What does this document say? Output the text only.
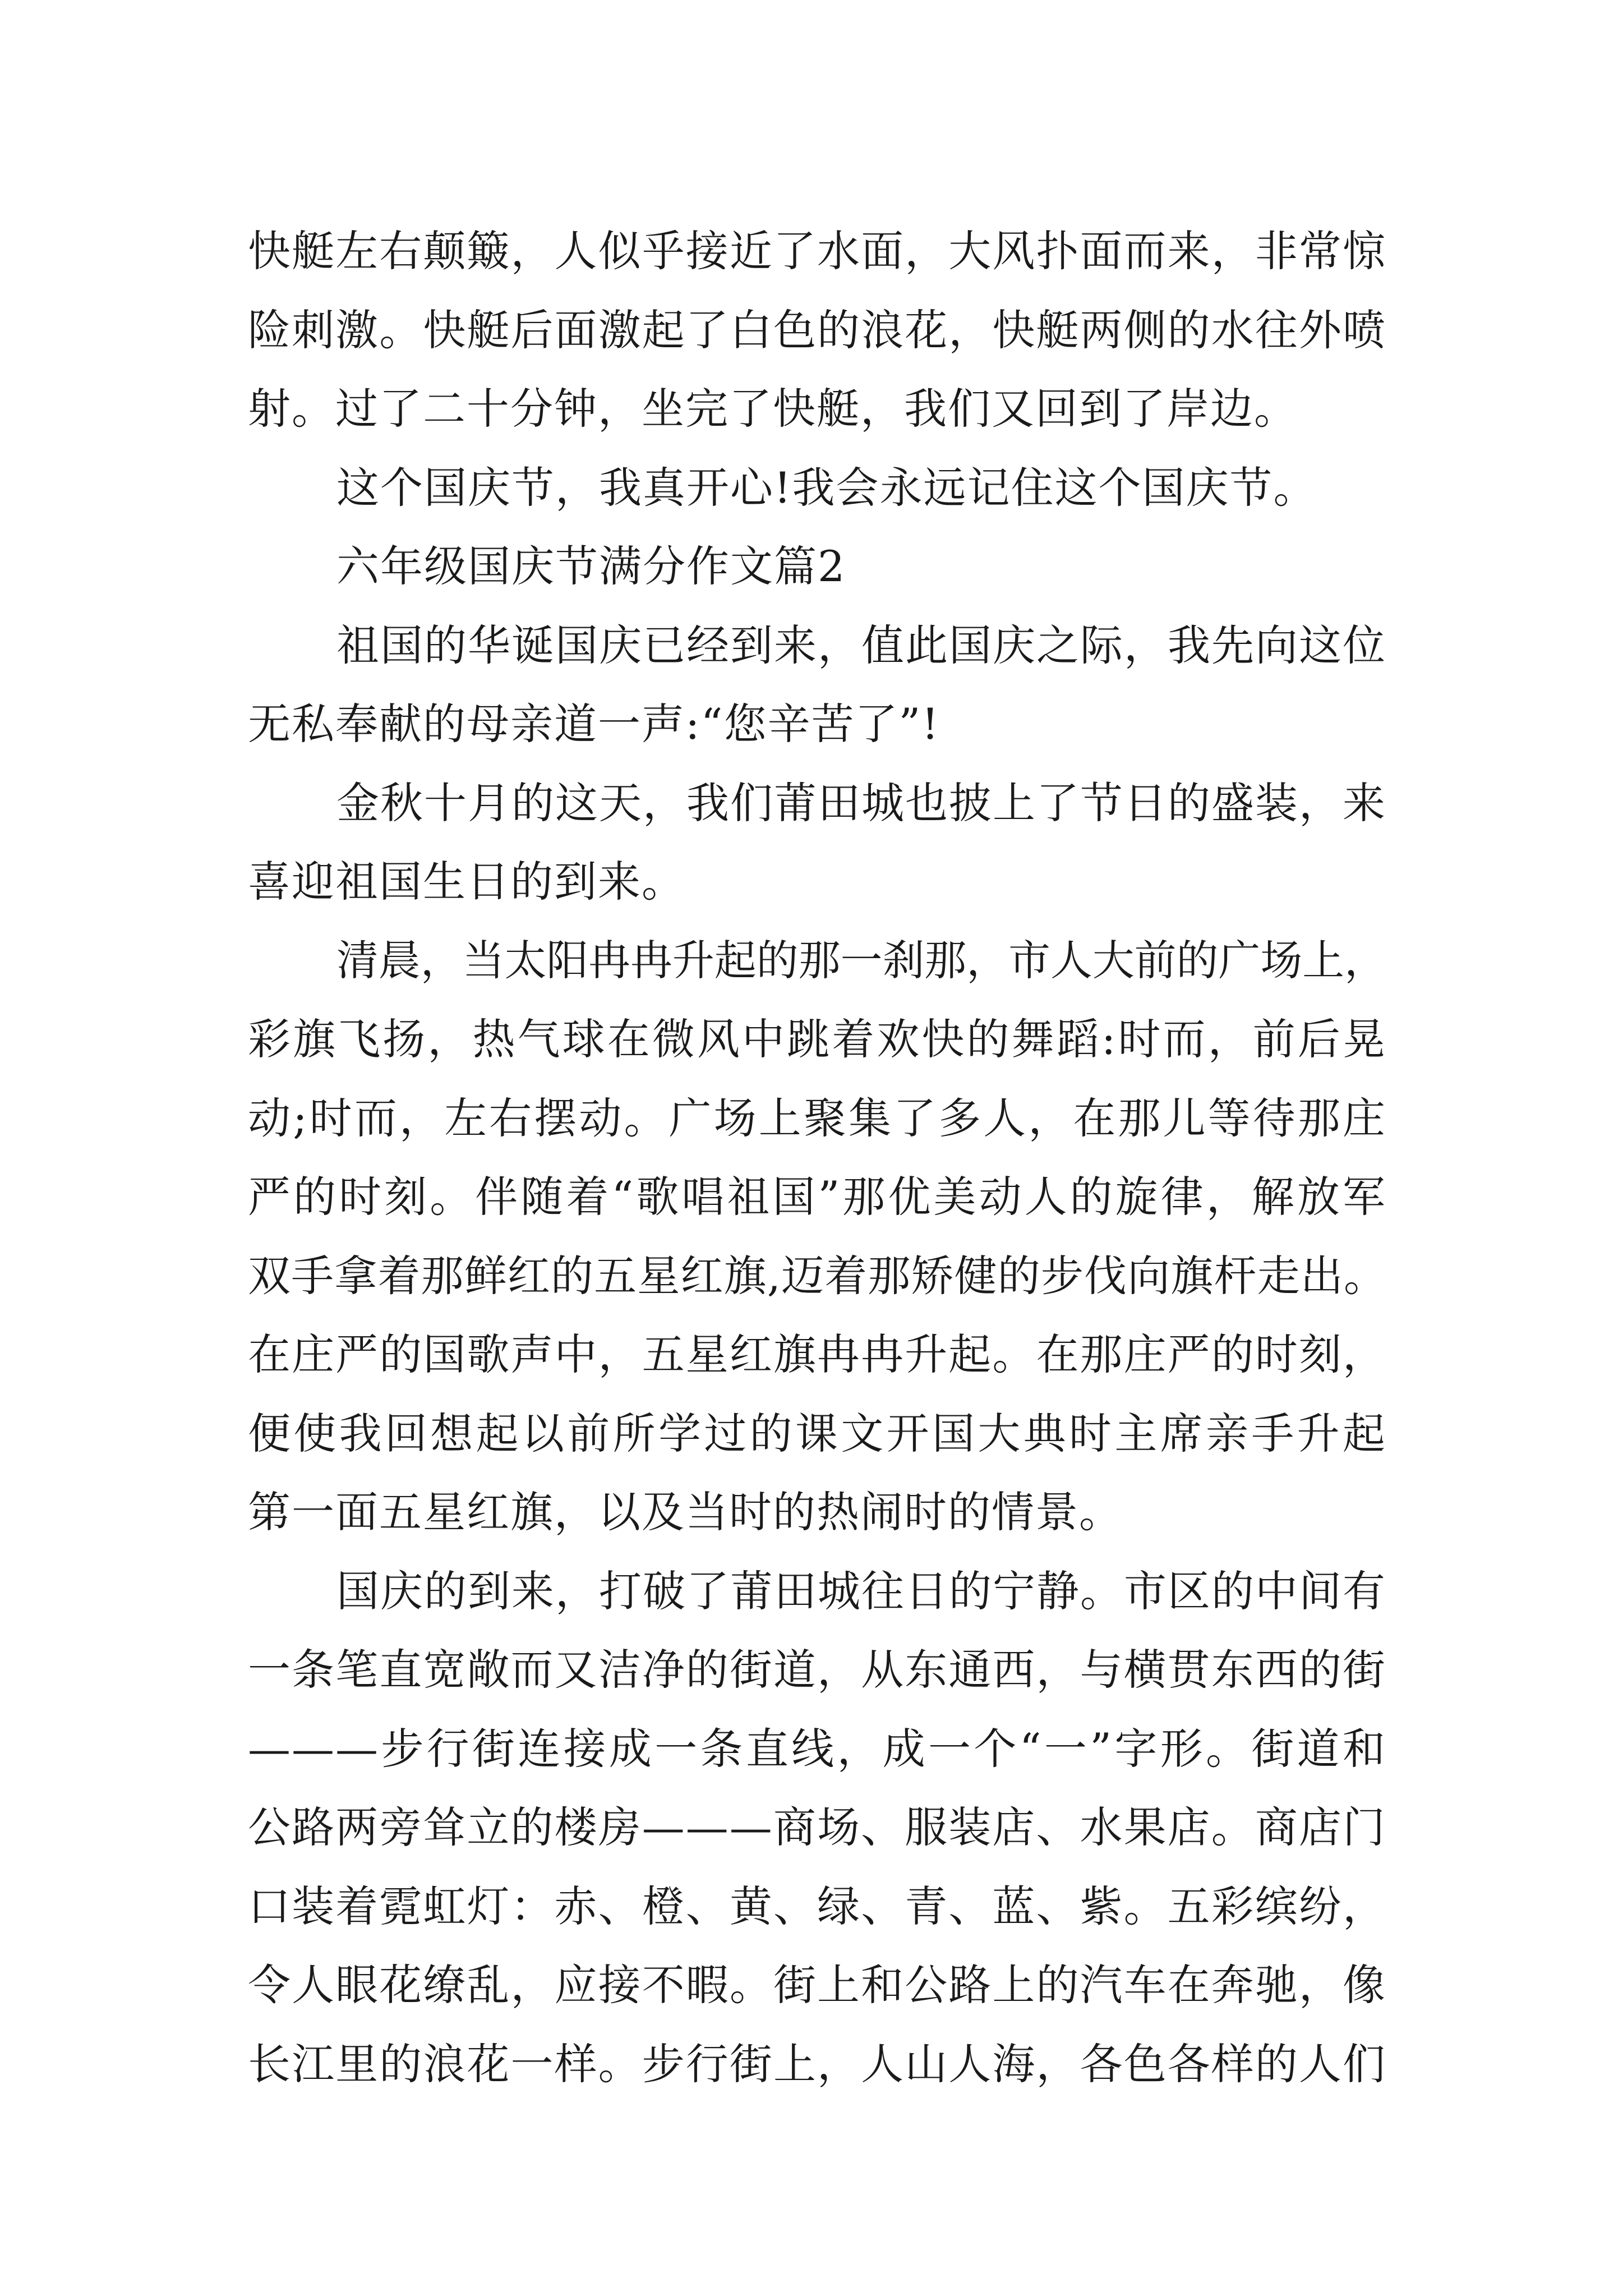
快艇左右颠簸，人似乎接近了水面，大风扑面而来，非常惊
险刺激。快艇后面激起了白色的浪花，快艇两侧的水往外喷
射。过了二十分钟，坐完了快艇，我们又回到了岸边。
这个国庆节，我真开心!我会永远记住这个国庆节。
六年级国庆节满分作文篇2
祖国的华诞国庆已经到来，值此国庆之际，我先向这位
无私奉献的母亲道一声:“您辛苦了”!
金秋十月的这天，我们莆田城也披上了节日的盛装，来
喜迎祖国生日的到来。
清晨，当太阳冉冉升起的那一刹那，市人大前的广场上，
彩旗飞扬，热气球在微风中跳着欢快的舞蹈:时而，前后晃
动;时而，左右摆动。广场上聚集了多人，在那儿等待那庄
严的时刻。伴随着“歌唱祖国”那优美动人的旋律，解放军
双手拿着那鲜红的五星红旗,迈着那矫健的步伐向旗杆走出。
在庄严的国歌声中，五星红旗冉冉升起。在那庄严的时刻，
便使我回想起以前所学过的课文开国大典时主席亲手升起
第一面五星红旗，以及当时的热闹时的情景。
国庆的到来，打破了莆田城往日的宁静。市区的中间有
一条笔直宽敞而又洁净的街道，从东通西，与横贯东西的街
———步行街连接成一条直线，成一个“一”字形。街道和
公路两旁耸立的楼房———商场、服装店、水果店。商店门
口装着霓虹灯：赤、橙、黄、绿、青、蓝、紫。五彩缤纷，
令人眼花缭乱，应接不暇。街上和公路上的汽车在奔驰，像
长江里的浪花一样。步行街上，人山人海，各色各样的人们
